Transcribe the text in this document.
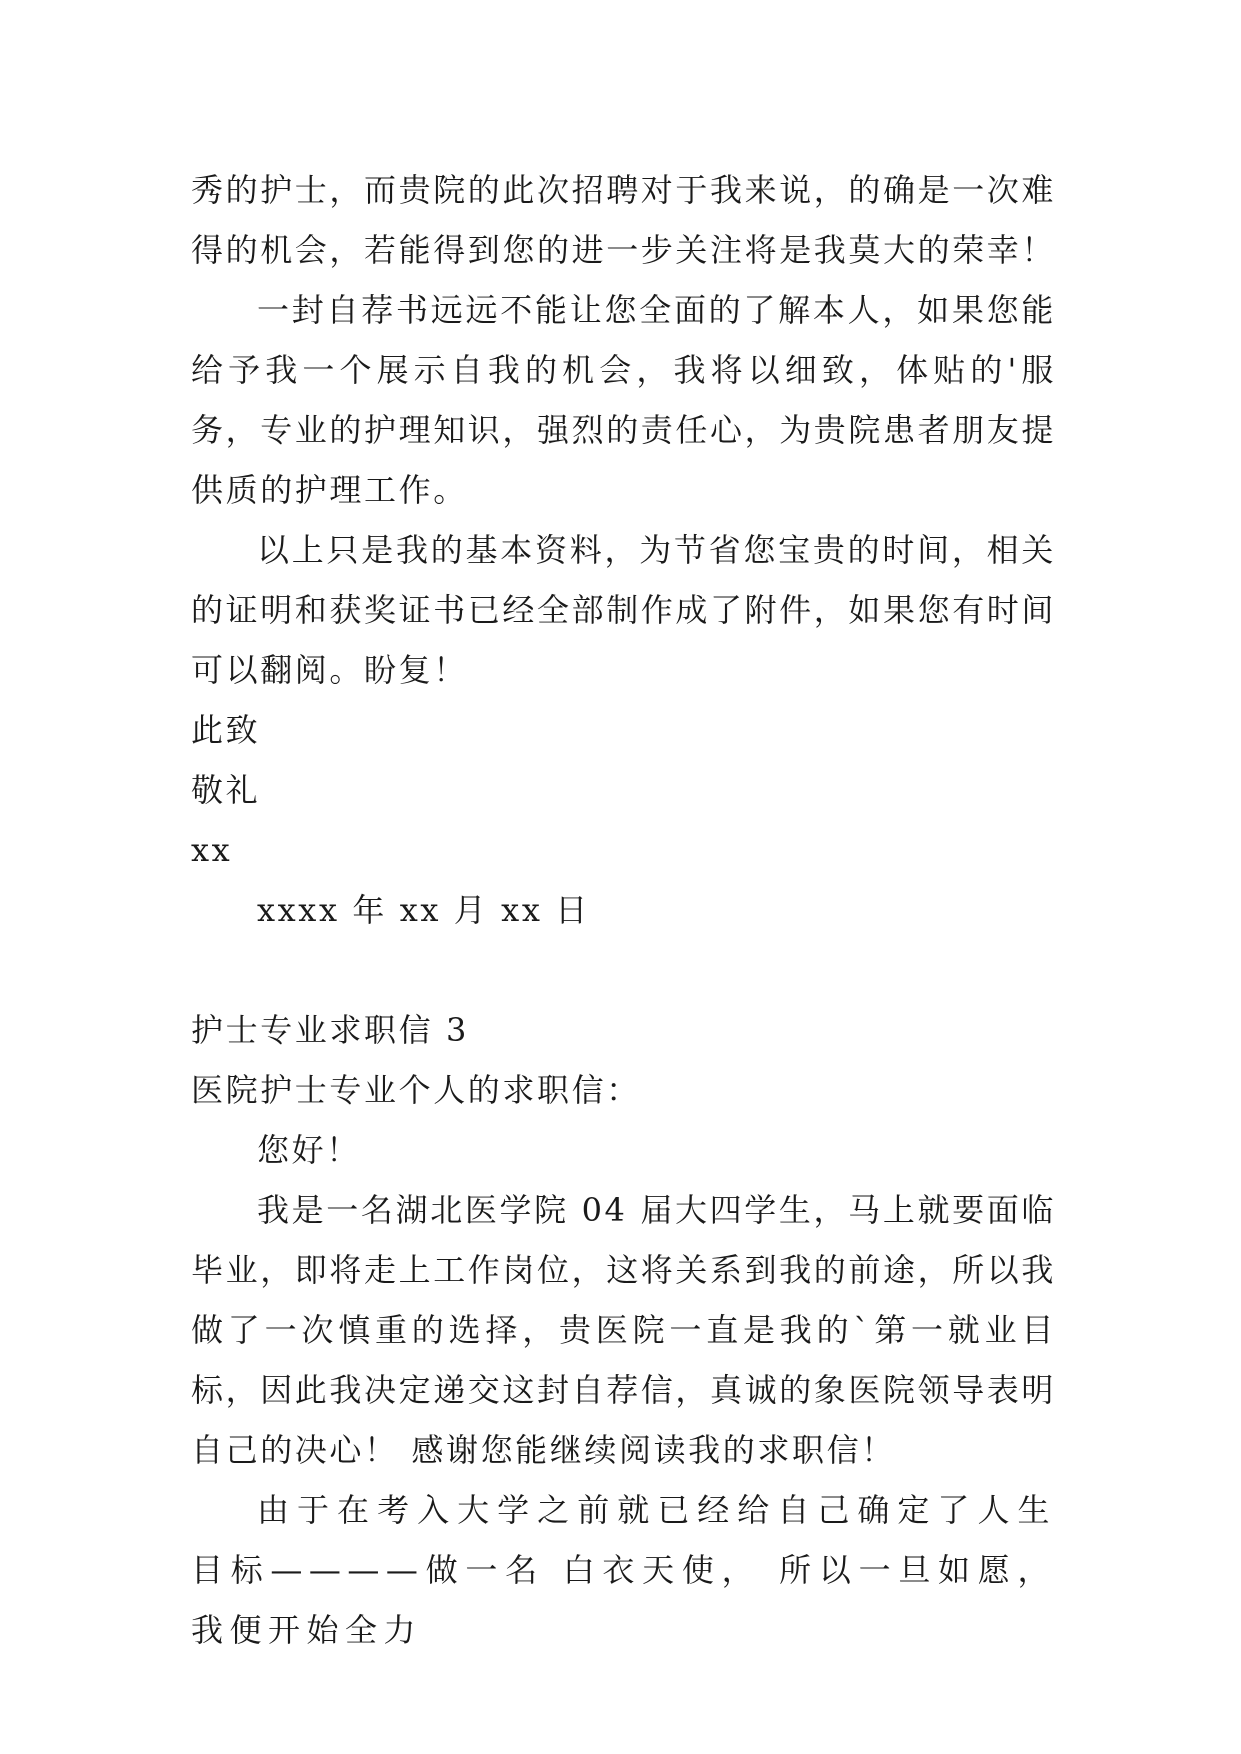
秀的护士，而贵院的此次招聘对于我来说，的确是一次难得的机会，若能得到您的进一步关注将是我莫大的荣幸！

一封自荐书远远不能让您全面的了解本人，如果您能给予我一个展示自我的机会，我将以细致，体贴的'服务，专业的护理知识，强烈的责任心，为贵院患者朋友提供质的护理工作。

以上只是我的基本资料，为节省您宝贵的时间，相关的证明和获奖证书已经全部制作成了附件，如果您有时间可以翻阅。盼复！

此致

敬礼

xx

xxxx 年 xx 月 xx 日

护士专业求职信 3

医院护士专业个人的求职信：

您好！

我是一名湖北医学院 04 届大四学生，马上就要面临毕业，即将走上工作岗位，这将关系到我的前途，所以我做了一次慎重的选择，贵医院一直是我的`第一就业目标，因此我决定递交这封自荐信，真诚的象医院领导表明自己的决心！ 感谢您能继续阅读我的求职信！

由于在考入大学之前就已经给自己确定了人生目标————做一名 白衣天使， 所以一旦如愿，我便开始全力
